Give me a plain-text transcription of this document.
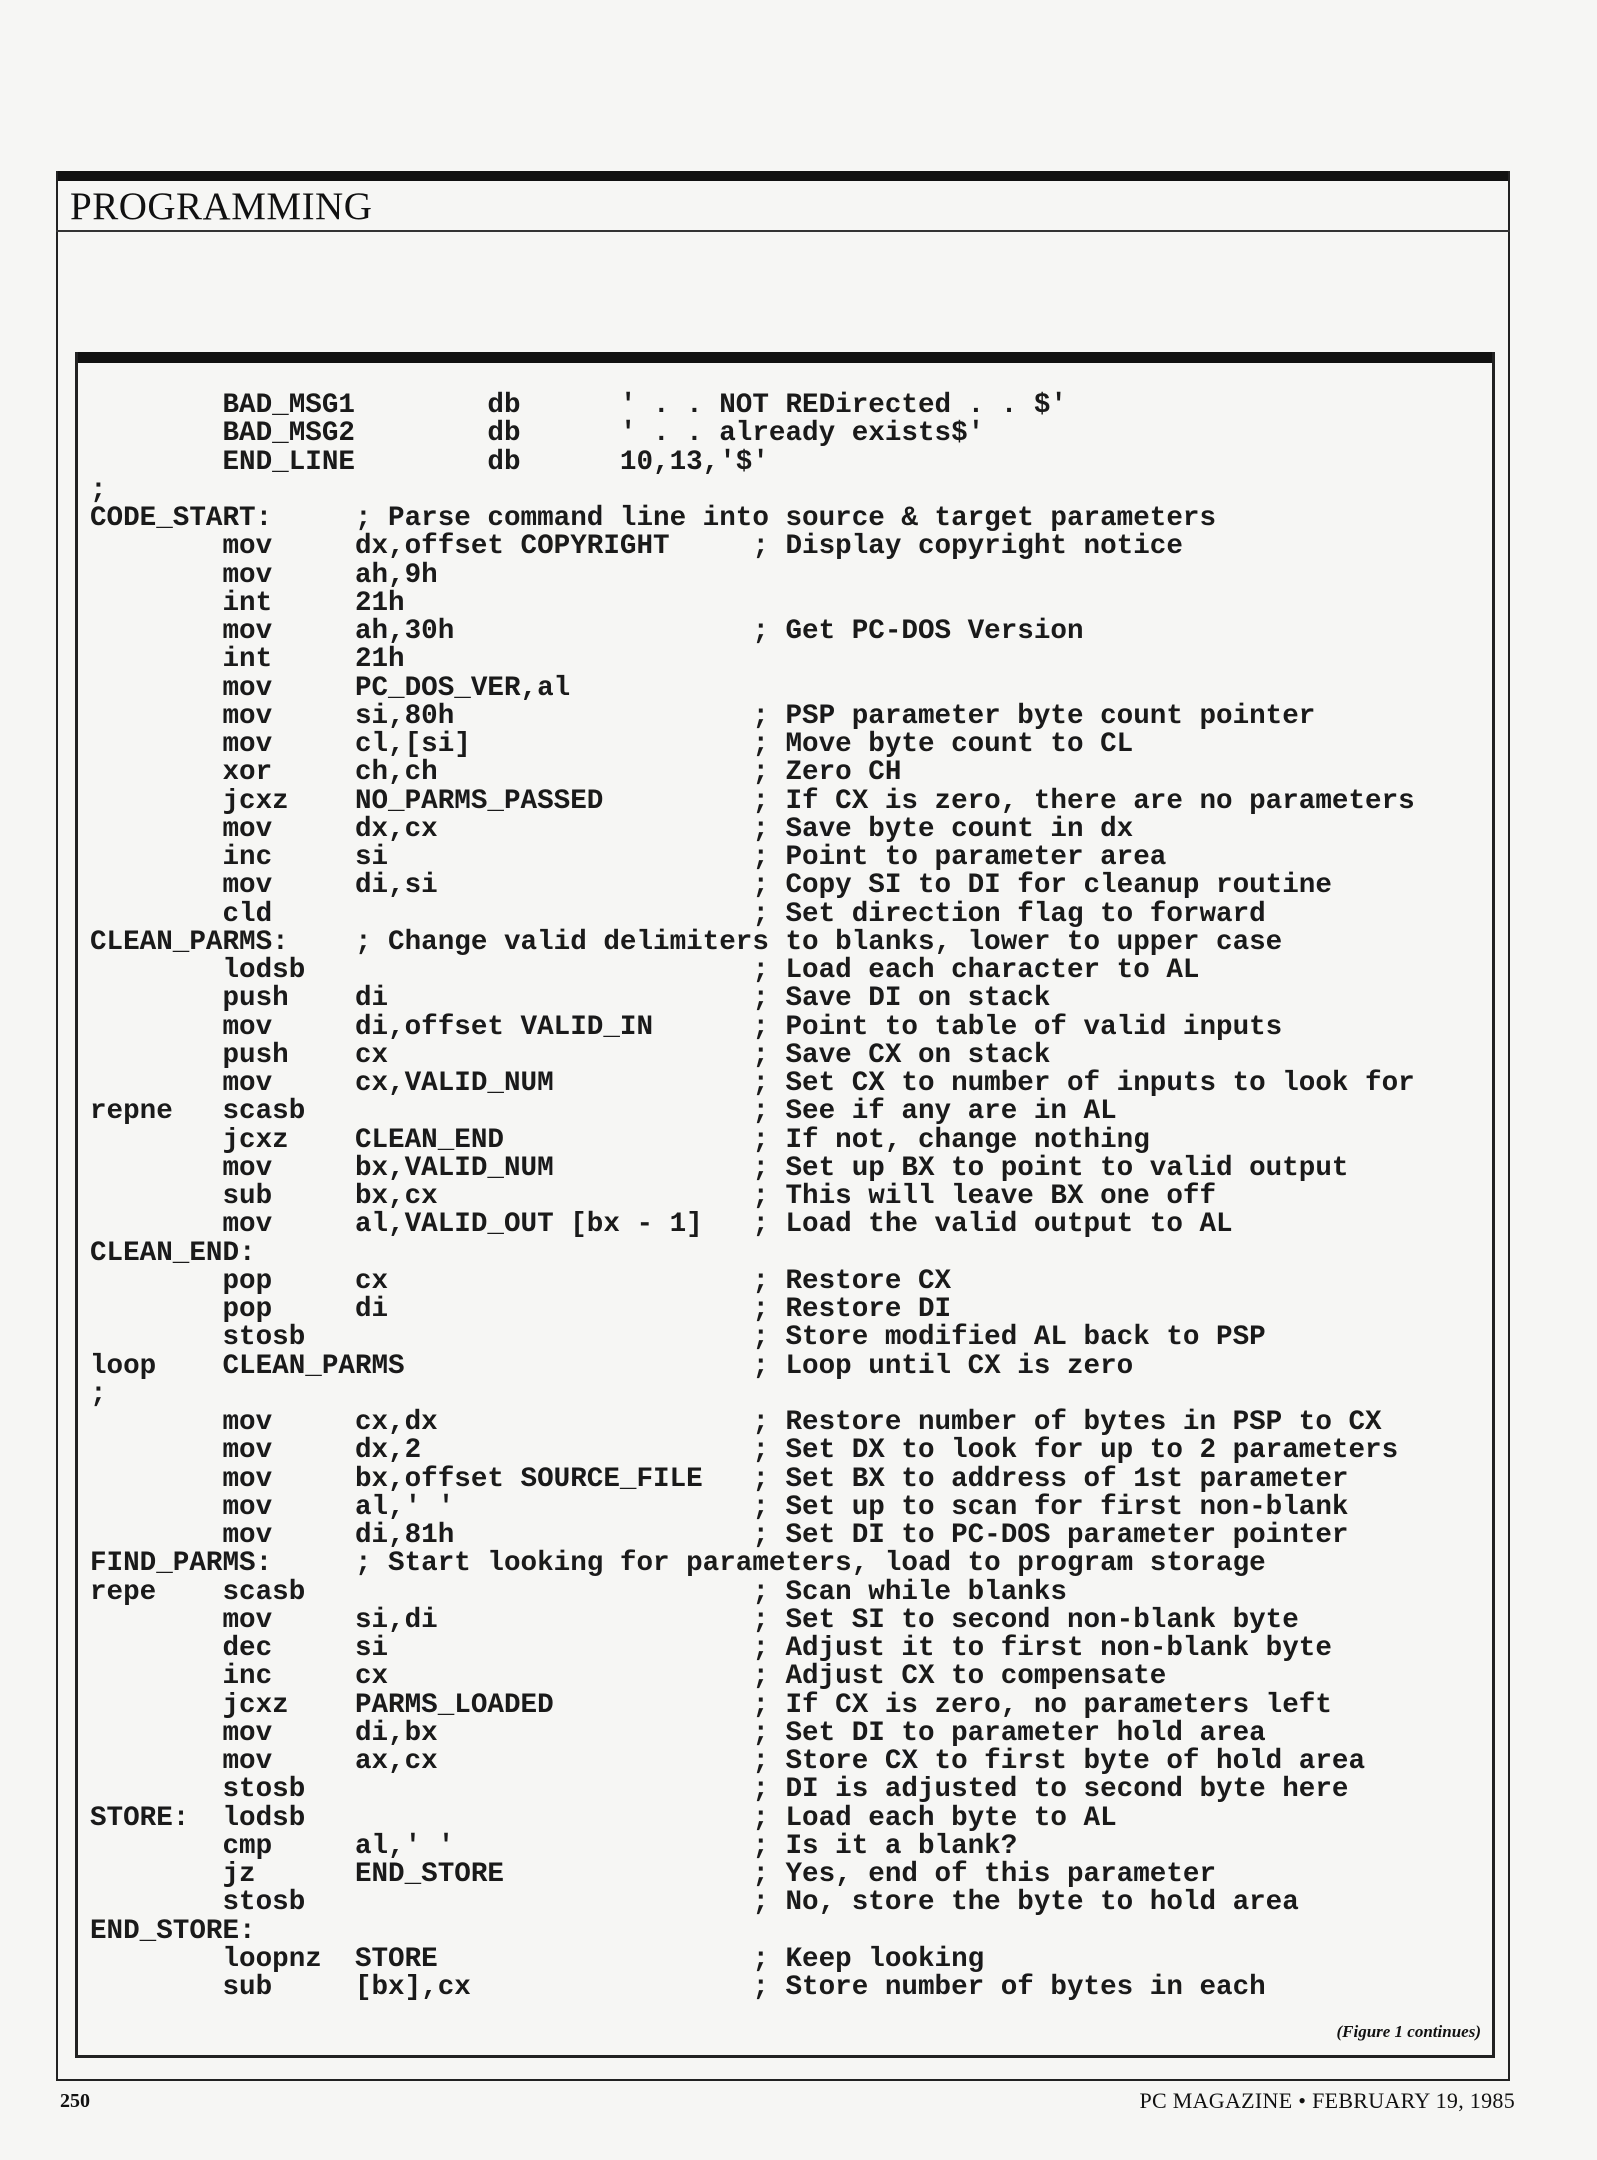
PROGRAMMING
BAD_MSG1        db      ' . . NOT REDirected . . $'
BAD_MSG2        db      ' . . already exists$'
END_LINE        db      10,13,'$'
;
CODE_START:     ; Parse command line into source & target parameters
mov     dx,offset COPYRIGHT     ; Display copyright notice
mov     ah,9h
int     21h
mov     ah,30h                  ; Get PC-DOS Version
int     21h
mov     PC_DOS_VER,al
mov     si,80h                  ; PSP parameter byte count pointer
mov     cl,[si]                 ; Move byte count to CL
xor     ch,ch                   ; Zero CH
jcxz    NO_PARMS_PASSED         ; If CX is zero, there are no parameters
mov     dx,cx                   ; Save byte count in dx
inc     si                      ; Point to parameter area
mov     di,si                   ; Copy SI to DI for cleanup routine
cld                             ; Set direction flag to forward
CLEAN_PARMS:    ; Change valid delimiters to blanks, lower to upper case
lodsb                           ; Load each character to AL
push    di                      ; Save DI on stack
mov     di,offset VALID_IN      ; Point to table of valid inputs
push    cx                      ; Save CX on stack
mov     cx,VALID_NUM            ; Set CX to number of inputs to look for
repne   scasb                           ; See if any are in AL
jcxz    CLEAN_END               ; If not, change nothing
mov     bx,VALID_NUM            ; Set up BX to point to valid output
sub     bx,cx                   ; This will leave BX one off
mov     al,VALID_OUT [bx - 1]   ; Load the valid output to AL
CLEAN_END:
pop     cx                      ; Restore CX
pop     di                      ; Restore DI
stosb                           ; Store modified AL back to PSP
loop    CLEAN_PARMS                     ; Loop until CX is zero
;
mov     cx,dx                   ; Restore number of bytes in PSP to CX
mov     dx,2                    ; Set DX to look for up to 2 parameters
mov     bx,offset SOURCE_FILE   ; Set BX to address of 1st parameter
mov     al,' '                  ; Set up to scan for first non-blank
mov     di,81h                  ; Set DI to PC-DOS parameter pointer
FIND_PARMS:     ; Start looking for parameters, load to program storage
repe    scasb                           ; Scan while blanks
mov     si,di                   ; Set SI to second non-blank byte
dec     si                      ; Adjust it to first non-blank byte
inc     cx                      ; Adjust CX to compensate
jcxz    PARMS_LOADED            ; If CX is zero, no parameters left
mov     di,bx                   ; Set DI to parameter hold area
mov     ax,cx                   ; Store CX to first byte of hold area
stosb                           ; DI is adjusted to second byte here
STORE:  lodsb                           ; Load each byte to AL
cmp     al,' '                  ; Is it a blank?
jz      END_STORE               ; Yes, end of this parameter
stosb                           ; No, store the byte to hold area
END_STORE:
loopnz  STORE                   ; Keep looking
sub     [bx],cx                 ; Store number of bytes in each
(Figure 1 continues)
250	PC MAGAZINE • FEBRUARY 19, 1985
